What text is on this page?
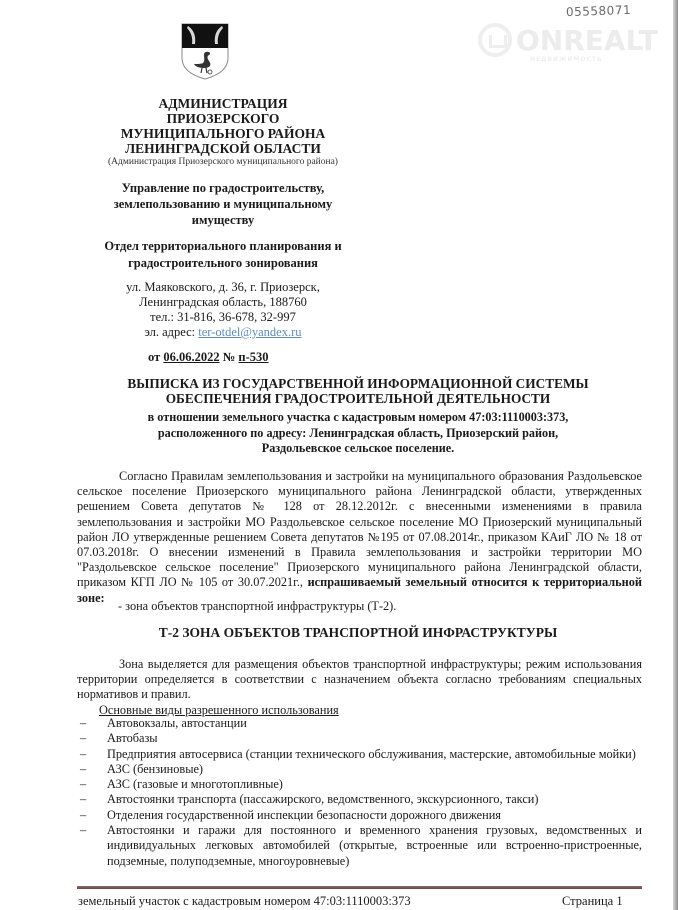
05558071
ONREALT
НЕДВИЖИМОСТЬ
АДМИНИСТРАЦИЯ
ПРИОЗЕРСКОГО
МУНИЦИПАЛЬНОГО РАЙОНА
ЛЕНИНГРАДСКОЙ ОБЛАСТИ
(Администрация Приозерского муниципального района)
Управление по градостроительству,
землепользованию и муниципальному
имуществу
Отдел территориального планирования и
градостроительного зонирования
ул. Маяковского, д. 36, г. Приозерск,
Ленинградская область, 188760
тел.: 31-816, 36-678, 32-997
эл. адрес: ter-otdel@yandex.ru
от 06.06.2022 № п-530
ВЫПИСКА ИЗ ГОСУДАРСТВЕННОЙ ИНФОРМАЦИОННОЙ СИСТЕМЫ
ОБЕСПЕЧЕНИЯ ГРАДОСТРОИТЕЛЬНОЙ ДЕЯТЕЛЬНОСТИ
в отношении земельного участка с кадастровым номером 47:03:1110003:373,
расположенного по адресу: Ленинградская область, Приозерский район,
Раздольевское сельское поселение.
Согласно Правилам землепользования и застройки на муниципального образования Раздольевское сельское поселение Приозерского муниципального района Ленинградской области, утвержденных решением Совета депутатов № 128 от 28.12.2012г. с внесенными изменениями в правила землепользования и застройки МО Раздольевское сельское поселение МО Приозерский муниципальный район ЛО утвержденные решением Совета депутатов №195 от 07.08.2014г., приказом КАиГ ЛО № 18 от 07.03.2018г. О внесении изменений в Правила землепользования и застройки территории МО "Раздольевское сельское поселение" Приозерского муниципального района Ленинградской области, приказом КГП ЛО № 105 от 30.07.2021г., испрашиваемый земельный относится к территориальной зоне:
- зона объектов транспортной инфраструктуры (Т-2).
Т-2 ЗОНА ОБЪЕКТОВ ТРАНСПОРТНОЙ ИНФРАСТРУКТУРЫ
Зона выделяется для размещения объектов транспортной инфраструктуры; режим использования территории определяется в соответствии с назначением объекта согласно требованиям специальных нормативов и правил.
Основные виды разрешенного использования
–	Автовокзалы, автостанции
–	Автобазы
–	Предприятия автосервиса (станции технического обслуживания, мастерские, автомобильные мойки)
–	АЗС (бензиновые)
–	АЗС (газовые и многотопливные)
–	Автостоянки транспорта (пассажирского, ведомственного, экскурсионного, такси)
–	Отделения государственной инспекции безопасности дорожного движения
–	Автостоянки и гаражи для постоянного и временного хранения грузовых, ведомственных и индивидуальных легковых автомобилей (открытые, встроенные или встроенно-пристроенные, подземные, полуподземные, многоуровневые)
земельный участок с кадастровым номером 47:03:1110003:373	Страница 1
